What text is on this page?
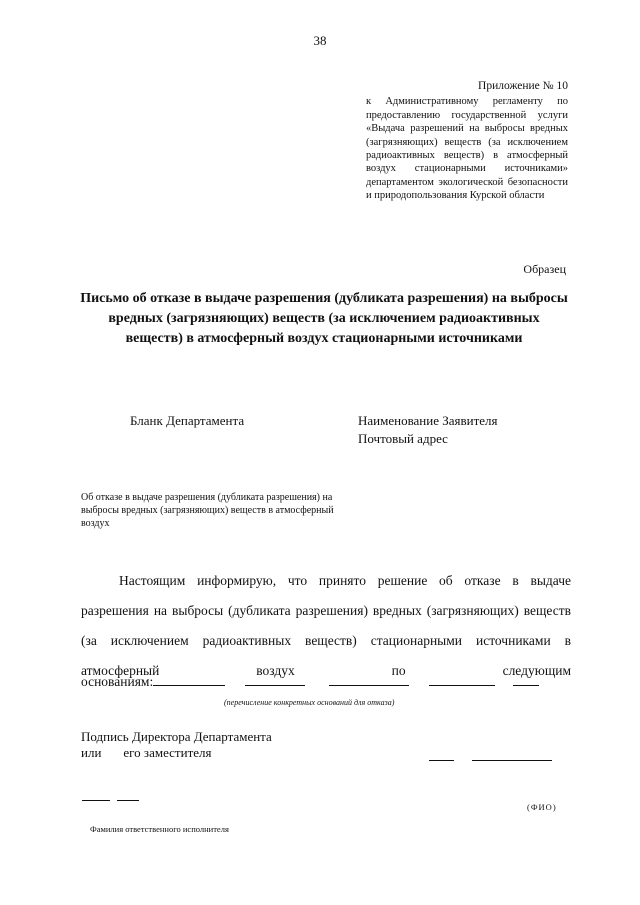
38
Приложение № 10
к Административному регламенту по предоставлению государственной услуги «Выдача разрешений на выбросы вредных (загрязняющих) веществ (за исключением радиоактивных веществ) в атмосферный воздух стационарными источниками» департаментом экологической безопасности и природопользования Курской области
Образец
Письмо об отказе в выдаче разрешения (дубликата разрешения) на выбросы вредных (загрязняющих) веществ (за исключением радиоактивных веществ) в атмосферный воздух стационарными источниками
Бланк Департамента	Наименование Заявителя
Почтовый адрес
Об отказе в выдаче разрешения (дубликата разрешения) на выбросы вредных (загрязняющих) веществ в атмосферный воздух

Настоящим информирую, что принято решение об отказе в выдаче разрешения на выбросы (дубликата разрешения) вредных (загрязняющих) веществ (за исключением радиоактивных веществ) стационарными источниками в атмосферный воздух по следующим

основаниям:
(перечисление конкретных оснований для отказа)
Подпись Директора Департамента
или его заместителя
(ФИО)
Фамилия ответственного исполнителя
